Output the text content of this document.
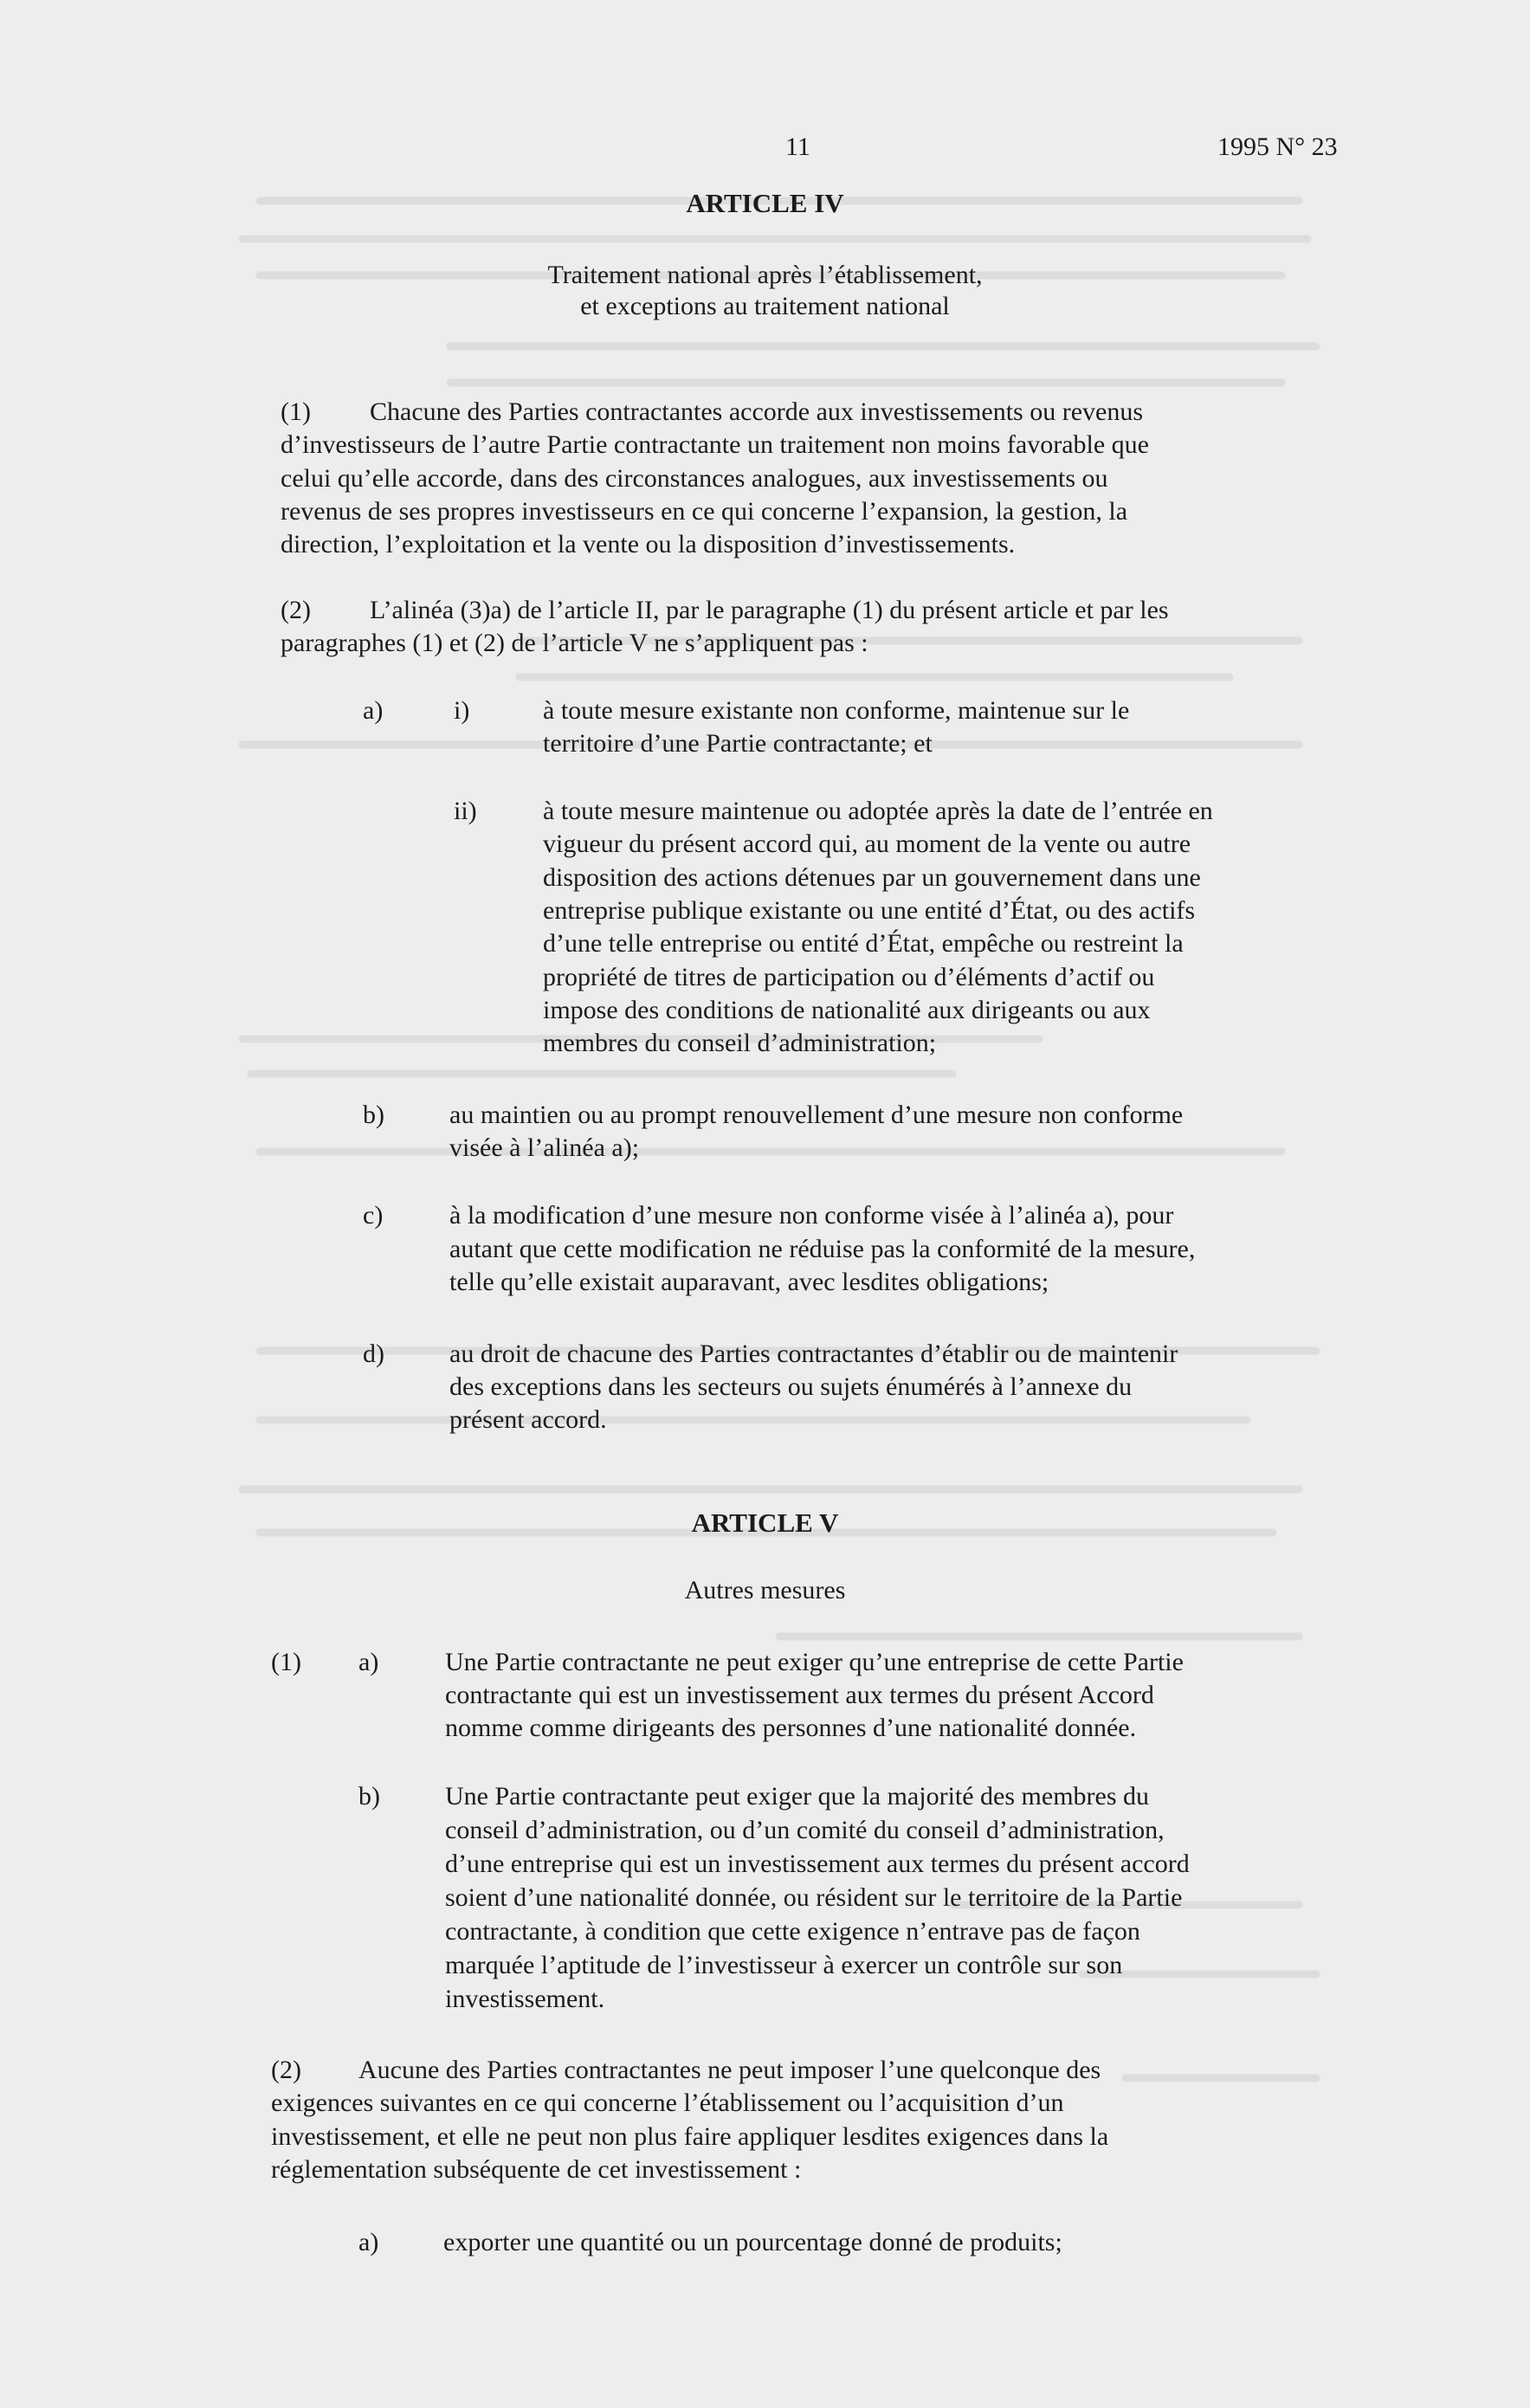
11	1995 N° 23
ARTICLE IV
Traitement national après l’établissement,
et exceptions au traitement national
(1) Chacune des Parties contractantes accorde aux investissements ou revenus
d’investisseurs de l’autre Partie contractante un traitement non moins favorable que
celui qu’elle accorde, dans des circonstances analogues, aux investissements ou
revenus de ses propres investisseurs en ce qui concerne l’expansion, la gestion, la
direction, l’exploitation et la vente ou la disposition d’investissements.
(2) L’alinéa (3)a) de l’article II, par le paragraphe (1) du présent article et par les
paragraphes (1) et (2) de l’article V ne s’appliquent pas :
a)	i)	à toute mesure existante non conforme, maintenue sur le
territoire d’une Partie contractante; et
ii)	à toute mesure maintenue ou adoptée après la date de l’entrée en
vigueur du présent accord qui, au moment de la vente ou autre
disposition des actions détenues par un gouvernement dans une
entreprise publique existante ou une entité d’État, ou des actifs
d’une telle entreprise ou entité d’État, empêche ou restreint la
propriété de titres de participation ou d’éléments d’actif ou
impose des conditions de nationalité aux dirigeants ou aux
membres du conseil d’administration;
b)	au maintien ou au prompt renouvellement d’une mesure non conforme
visée à l’alinéa a);
c)	à la modification d’une mesure non conforme visée à l’alinéa a), pour
autant que cette modification ne réduise pas la conformité de la mesure,
telle qu’elle existait auparavant, avec lesdites obligations;
d)	au droit de chacune des Parties contractantes d’établir ou de maintenir
des exceptions dans les secteurs ou sujets énumérés à l’annexe du
présent accord.
ARTICLE V
Autres mesures
(1) a)	Une Partie contractante ne peut exiger qu’une entreprise de cette Partie
contractante qui est un investissement aux termes du présent Accord
nomme comme dirigeants des personnes d’une nationalité donnée.
b)	Une Partie contractante peut exiger que la majorité des membres du
conseil d’administration, ou d’un comité du conseil d’administration,
d’une entreprise qui est un investissement aux termes du présent accord
soient d’une nationalité donnée, ou résident sur le territoire de la Partie
contractante, à condition que cette exigence n’entrave pas de façon
marquée l’aptitude de l’investisseur à exercer un contrôle sur son
investissement.
(2) Aucune des Parties contractantes ne peut imposer l’une quelconque des
exigences suivantes en ce qui concerne l’établissement ou l’acquisition d’un
investissement, et elle ne peut non plus faire appliquer lesdites exigences dans la
réglementation subséquente de cet investissement :
a) exporter une quantité ou un pourcentage donné de produits;
